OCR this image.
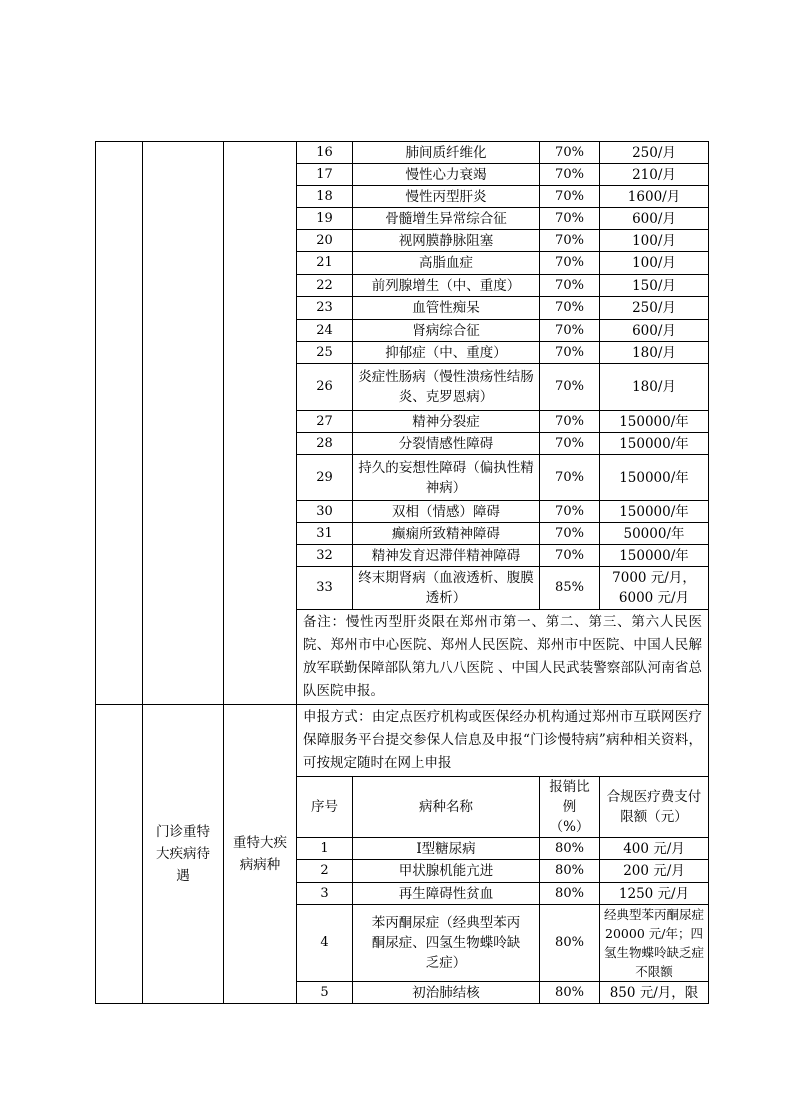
			16	肺间质纤维化	70%	250/月
			17	慢性心力衰竭	70%	210/月
			18	慢性丙型肝炎	70%	1600/月
			19	骨髓增生异常综合征	70%	600/月
			20	视网膜静脉阻塞	70%	100/月
			21	高脂血症	70%	100/月
			22	前列腺增生（中、重度）	70%	150/月
			23	血管性痴呆	70%	250/月
			24	肾病综合征	70%	600/月
			25	抑郁症（中、重度）	70%	180/月
			26	炎症性肠病（慢性溃疡性结肠炎、克罗恩病）	70%	180/月
			27	精神分裂症	70%	150000/年
			28	分裂情感性障碍	70%	150000/年
			29	持久的妄想性障碍（偏执性精神病）	70%	150000/年
			30	双相（情感）障碍	70%	150000/年
			31	癫痫所致精神障碍	70%	50000/年
			32	精神发育迟滞伴精神障碍	70%	150000/年
			33	终末期肾病（血液透析、腹膜透析）	85%	7000 元/月，6000 元/月
			备注：慢性丙型肝炎限在郑州市第一、第二、第三、第六人民医院、郑州市中心医院、郑州人民医院、郑州市中医院、中国人民解放军联勤保障部队第九八八医院 、中国人民武装警察部队河南省总队医院申报。			
	门诊重特大疾病待遇	重特大疾病病种	申报方式：由定点医疗机构或医保经办机构通过郑州市互联网医疗保障服务平台提交参保人信息及申报“门诊慢特病”病种相关资料，可按规定随时在网上申报			
			序号	病种名称	报销比例（%）	合规医疗费支付限额（元）
			1	Ⅰ型糖尿病	80%	400 元/月
			2	甲状腺机能亢进	80%	200 元/月
			3	再生障碍性贫血	80%	1250 元/月
			4	苯丙酮尿症（经典型苯丙酮尿症、四氢生物蝶呤缺乏症）	80%	经典型苯丙酮尿症 20000 元/年；四氢生物蝶呤缺乏症不限额
			5	初治肺结核	80%	850 元/月，限
